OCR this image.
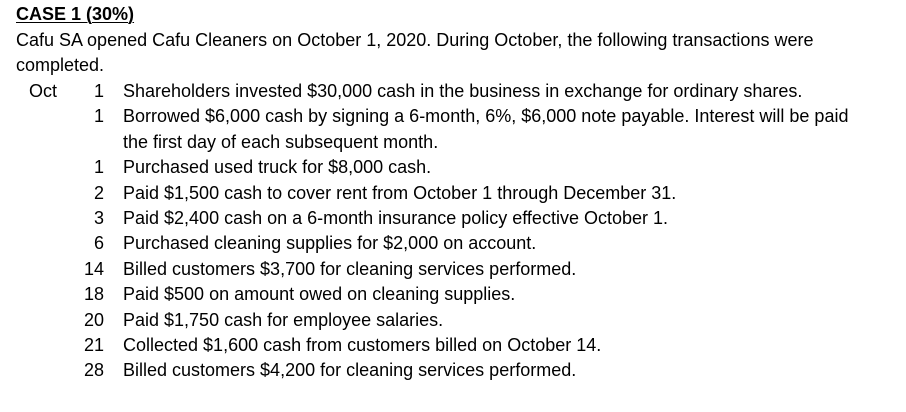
CASE 1 (30%)
Cafu SA opened Cafu Cleaners on October 1, 2020. During October, the following transactions were completed.
Oct	1	Shareholders invested $30,000 cash in the business in exchange for ordinary shares.
1	Borrowed $6,000 cash by signing a 6-month, 6%, $6,000 note payable. Interest will be paid the first day of each subsequent month.
1	Purchased used truck for $8,000 cash.
2	Paid $1,500 cash to cover rent from October 1 through December 31.
3	Paid $2,400 cash on a 6-month insurance policy effective October 1.
6	Purchased cleaning supplies for $2,000 on account.
14	Billed customers $3,700 for cleaning services performed.
18	Paid $500 on amount owed on cleaning supplies.
20	Paid $1,750 cash for employee salaries.
21	Collected $1,600 cash from customers billed on October 14.
28	Billed customers $4,200 for cleaning services performed.
